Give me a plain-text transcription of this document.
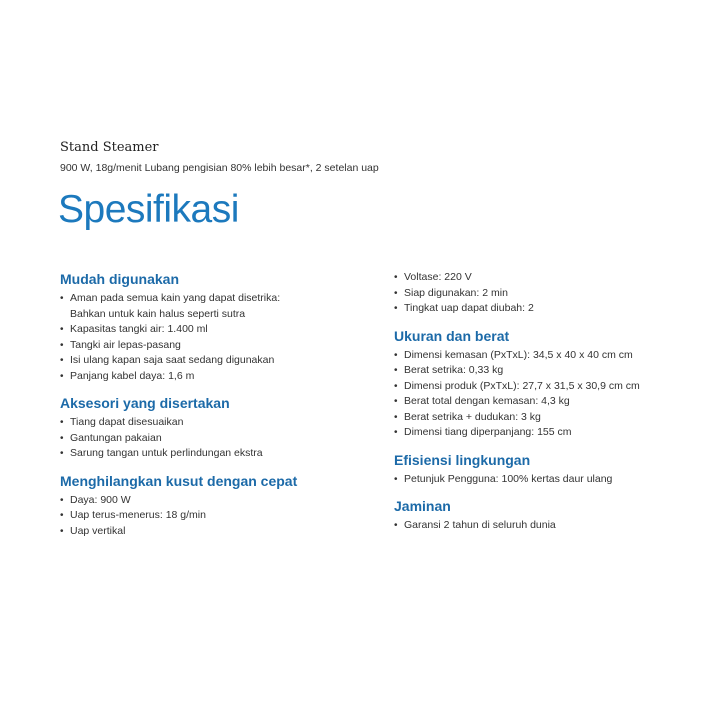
Stand Steamer
900 W, 18g/menit Lubang pengisian 80% lebih besar*, 2 setelan uap
Spesifikasi
Mudah digunakan
• Aman pada semua kain yang dapat disetrika:
Bahkan untuk kain halus seperti sutra
• Kapasitas tangki air: 1.400 ml
• Tangki air lepas-pasang
• Isi ulang kapan saja saat sedang digunakan
• Panjang kabel daya: 1,6 m
Aksesori yang disertakan
• Tiang dapat disesuaikan
• Gantungan pakaian
• Sarung tangan untuk perlindungan ekstra
Menghilangkan kusut dengan cepat
• Daya: 900 W
• Uap terus-menerus: 18 g/min
• Uap vertikal
• Voltase: 220 V
• Siap digunakan: 2 min
• Tingkat uap dapat diubah: 2
Ukuran dan berat
• Dimensi kemasan (PxTxL): 34,5 x 40 x 40 cm cm
• Berat setrika: 0,33 kg
• Dimensi produk (PxTxL): 27,7 x 31,5 x 30,9 cm cm
• Berat total dengan kemasan: 4,3 kg
• Berat setrika + dudukan: 3 kg
• Dimensi tiang diperpanjang: 155 cm
Efisiensi lingkungan
• Petunjuk Pengguna: 100% kertas daur ulang
Jaminan
• Garansi 2 tahun di seluruh dunia
